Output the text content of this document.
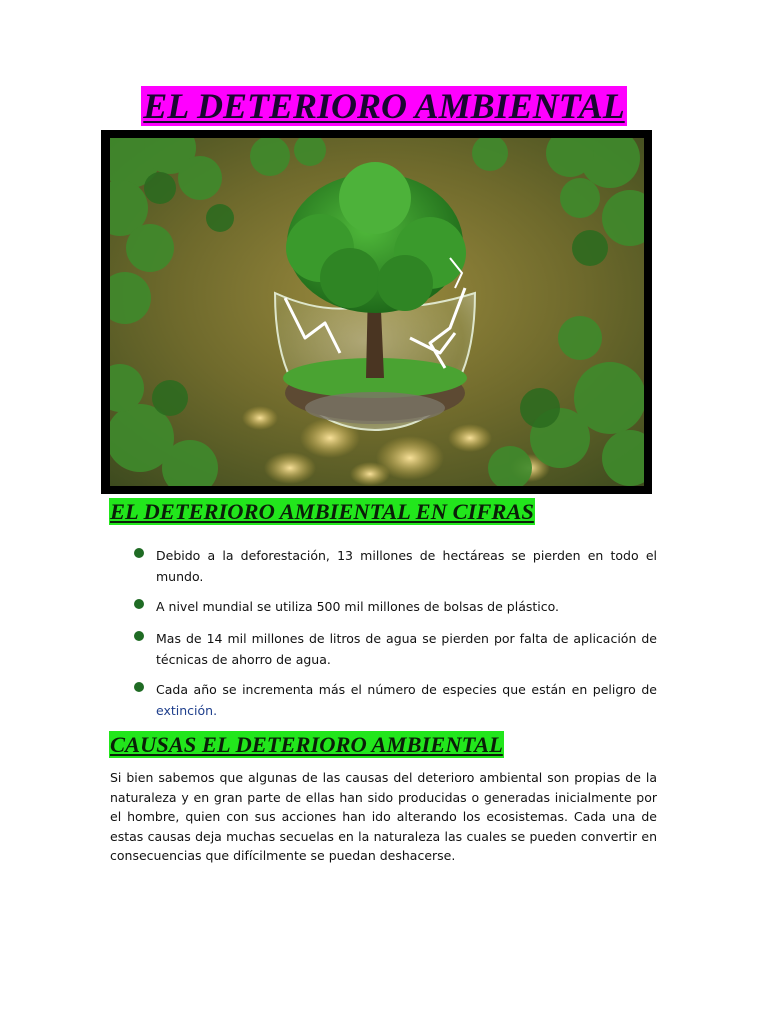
EL DETERIORO AMBIENTAL
EL DETERIORO AMBIENTAL EN CIFRAS
Debido a la deforestación, 13 millones de hectáreas se pierden en todo el mundo.
A nivel mundial se utiliza 500 mil millones de bolsas de plástico.
Mas de 14 mil millones de litros de agua se pierden por falta de aplicación de técnicas de ahorro de agua.
Cada año se incrementa más el número de especies que están en peligro de extinción.
CAUSAS EL DETERIORO AMBIENTAL
Si bien sabemos que algunas de las causas del deterioro ambiental son propias de la naturaleza y en gran parte de ellas han sido producidas o generadas inicialmente por el hombre, quien con sus acciones han ido alterando los ecosistemas. Cada una de estas causas deja muchas secuelas en la naturaleza las cuales se pueden convertir en consecuencias que difícilmente se puedan deshacerse.
